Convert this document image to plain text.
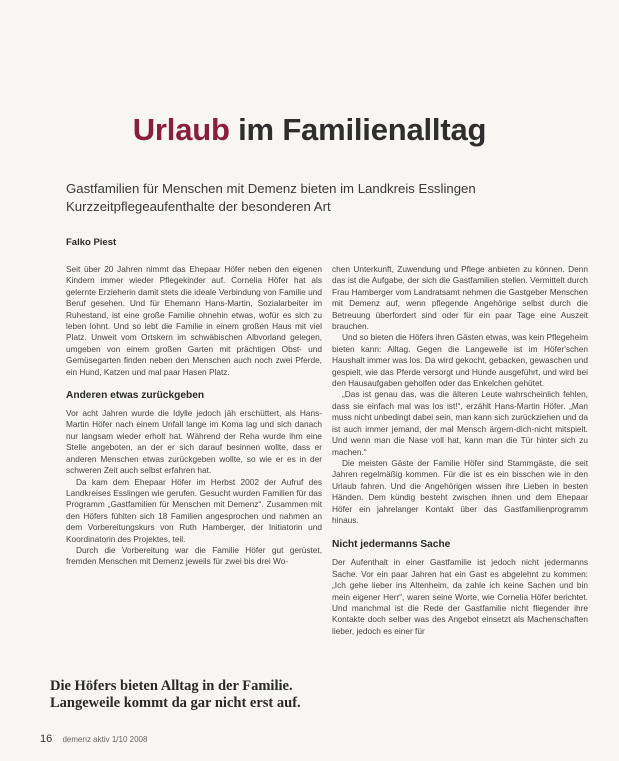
Urlaub im Familienalltag

Gastfamilien für Menschen mit Demenz bieten im Landkreis Esslingen
Kurzzeitpflegeaufenthalte der besonderen Art

Falko Piest

Seit über 20 Jahren nimmt das Ehepaar Höfer neben den eigenen Kindern immer wieder Pflegekinder auf. Cornelia Höfer hat als gelernte Erzieherin damit stets die ideale Verbindung von Familie und Beruf gesehen. Und für Ehemann Hans-Martin, Sozialarbeiter im Ruhestand, ist eine große Familie ohnehin etwas, wofür es sich zu leben lohnt. Und so lebt die Familie in einem großen Haus mit viel Platz. Unweit vom Ortskern im schwäbischen Albvorland gelegen, umgeben von einem großen Garten mit prächtigen Obst- und Gemüsegarten finden neben den Menschen auch noch zwei Pferde, ein Hund, Katzen und mal paar Hasen Platz.

Anderen etwas zurückgeben

Vor acht Jahren wurde die Idylle jedoch jäh erschüttert, als Hans-Martin Höfer nach einem Unfall lange im Koma lag und sich danach nur langsam wieder erholt hat. Während der Reha wurde ihm eine Stelle angeboten, an der er sich darauf besinnen wollte, dass er anderen Menschen etwas zurückgeben wollte, so wie er es in der schweren Zeit auch selbst erfahren hat.

Da kam dem Ehepaar Höfer im Herbst 2002 der Aufruf des Landkreises Esslingen wie gerufen. Gesucht wurden Familien für das Programm „Gastfamilien für Menschen mit Demenz“. Zusammen mit den Höfers fühlten sich 18 Familien angesprochen und nahmen an dem Vorbereitungskurs von Ruth Hamberger, der Initiatorin und Koordinatorin des Projektes, teil.

Durch die Vorbereitung war die Familie Höfer gut gerüstet, fremden Menschen mit Demenz jeweils für zwei bis drei Wo-

chen Unterkunft, Zuwendung und Pflege anbieten zu können. Denn das ist die Aufgabe, der sich die Gastfamilien stellen. Vermittelt durch Frau Hamberger vom Landratsamt nehmen die Gastgeber Menschen mit Demenz auf, wenn pflegende Angehörige selbst durch die Betreuung überfordert sind oder für ein paar Tage eine Auszeit brauchen.

Und so bieten die Höfers ihren Gästen etwas, was kein Pflegeheim bieten kann: Alltag. Gegen die Langeweile ist im Höfer'schen Haushalt immer was los. Da wird gekocht, gebacken, gewaschen und gespielt, wie das Pferde versorgt und Hunde ausgeführt, und wird bei den Hausaufgaben geholfen oder das Enkelchen gehütet.

„Das ist genau das, was die älteren Leute wahrscheinlich fehlen, dass sie einfach mal was los ist!“, erzählt Hans-Martin Höfer. „Man muss nicht unbedingt dabei sein, man kann sich zurückziehen und da ist auch immer jemand, der mal Mensch ärgern-dich-nicht mitspielt. Und wenn man die Nase voll hat, kann man die Tür hinter sich zu machen.“

Die meisten Gäste der Familie Höfer sind Stammgäste, die seit Jahren regelmäßig kommen. Für die ist es ein bisschen wie in den Urlaub fahren. Und die Angehörigen wissen ihre Lieben in besten Händen. Dem kündig besteht zwischen ihnen und dem Ehepaar Höfer ein jahrelanger Kontakt über das Gastfamilienprogramm hinaus.

Nicht jedermanns Sache

Der Aufenthalt in einer Gastfamilie ist jedoch nicht jedermanns Sache. Vor ein paar Jahren hat ein Gast es abgelehnt zu kommen: „Ich gehe lieber ins Altenheim, da zahle ich keine Sachen und bin mein eigener Herr“, waren seine Worte, wie Cornelia Höfer berichtet. Und manchmal ist die Rede der Gastfamilie nicht fliegender ihre Kontakte doch selber was des Angebot einsetzt als Machenschaften lieber, jedoch es einer für

Die Höfers bieten Alltag in der Familie.
Langeweile kommt da gar nicht erst auf.

16 demenz aktiv 1/10 2008
